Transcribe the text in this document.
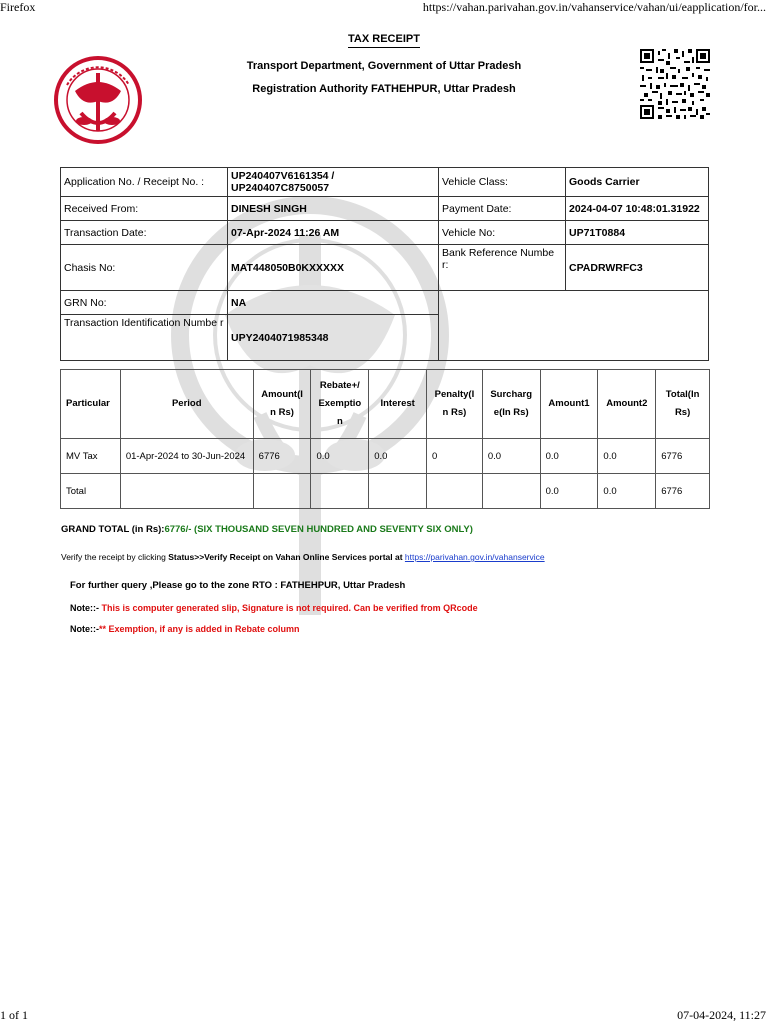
Firefox	https://vahan.parivahan.gov.in/vahanservice/vahan/ui/eapplication/for...
TAX RECEIPT
Transport Department, Government of Uttar Pradesh
Registration Authority FATHEHPUR, Uttar Pradesh
Application No. / Receipt No. :	UP240407V6161354 / UP240407C8750057	Vehicle Class:	Goods Carrier
Received From:	DINESH SINGH	Payment Date:	2024-04-07 10:48:01.31922
Transaction Date:	07-Apr-2024 11:26 AM	Vehicle No:	UP71T0884
Chasis No:	MAT448050B0KXXXXX	Bank Reference Numbe r:	CPADRWRFC3
GRN No:	NA		
Transaction Identification Numbe r	UPY2404071985348		
Particular	Period	Amount(I n Rs)	Rebate+/ Exemptio n	Interest	Penalty(I n Rs)	Surcharg e(In Rs)	Amount1	Amount2	Total(In Rs)
MV Tax	01-Apr-2024 to 30-Jun-2024	6776	0.0	0.0	0	0.0	0.0	0.0	6776
Total							0.0	0.0	6776
GRAND TOTAL (in Rs):6776/- (SIX THOUSAND SEVEN HUNDRED AND SEVENTY SIX ONLY)
Verify the receipt by clicking Status>>Verify Receipt on Vahan Online Services portal at https://parivahan.gov.in/vahanservice
For further query ,Please go to the zone RTO : FATHEHPUR, Uttar Pradesh
Note::- This is computer generated slip, Signature is not required. Can be verified from QRcode
Note::-** Exemption, if any is added in Rebate column
1 of 1	07-04-2024, 11:27
